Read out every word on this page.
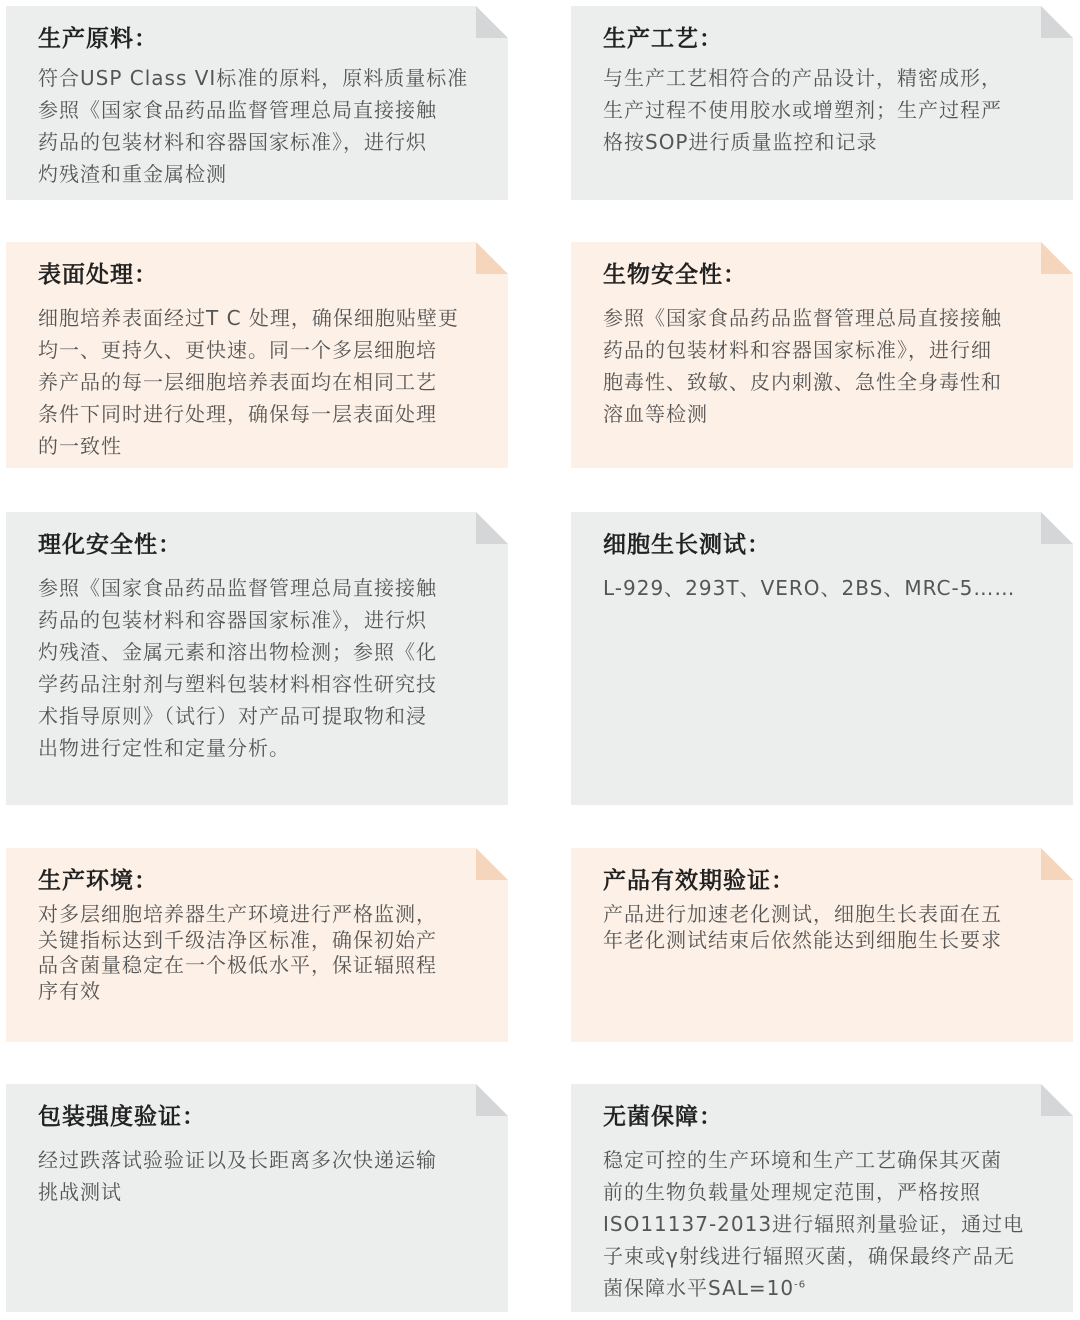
生产原料：

符合USP Class VI标准的原料，原料质量标准
参照《国家食品药品监督管理总局直接接触
药品的包装材料和容器国家标准》，进行炽
灼残渣和重金属检测

生产工艺：

与生产工艺相符合的产品设计，精密成形，
生产过程不使用胶水或增塑剂；生产过程严
格按SOP进行质量监控和记录

表面处理：

细胞培养表面经过T C 处理，确保细胞贴壁更
均一、更持久、更快速。同一个多层细胞培
养产品的每一层细胞培养表面均在相同工艺
条件下同时进行处理，确保每一层表面处理
的一致性

生物安全性：

参照《国家食品药品监督管理总局直接接触
药品的包装材料和容器国家标准》，进行细
胞毒性、致敏、皮内刺激、急性全身毒性和
溶血等检测

理化安全性：

参照《国家食品药品监督管理总局直接接触
药品的包装材料和容器国家标准》，进行炽
灼残渣、金属元素和溶出物检测；参照《化
学药品注射剂与塑料包装材料相容性研究技
术指导原则》（试行）对产品可提取物和浸
出物进行定性和定量分析。

细胞生长测试：

L-929、293T、VERO、2BS、MRC-5……

生产环境：

对多层细胞培养器生产环境进行严格监测，
关键指标达到千级洁净区标准，确保初始产
品含菌量稳定在一个极低水平，保证辐照程
序有效

产品有效期验证：

产品进行加速老化测试，细胞生长表面在五
年老化测试结束后依然能达到细胞生长要求

包装强度验证：

经过跌落试验验证以及长距离多次快递运输
挑战测试

无菌保障：

稳定可控的生产环境和生产工艺确保其灭菌
前的生物负载量处理规定范围，严格按照
ISO11137-2013进行辐照剂量验证，通过电
子束或γ射线进行辐照灭菌，确保最终产品无
菌保障水平$SAL=10^{-6}$
